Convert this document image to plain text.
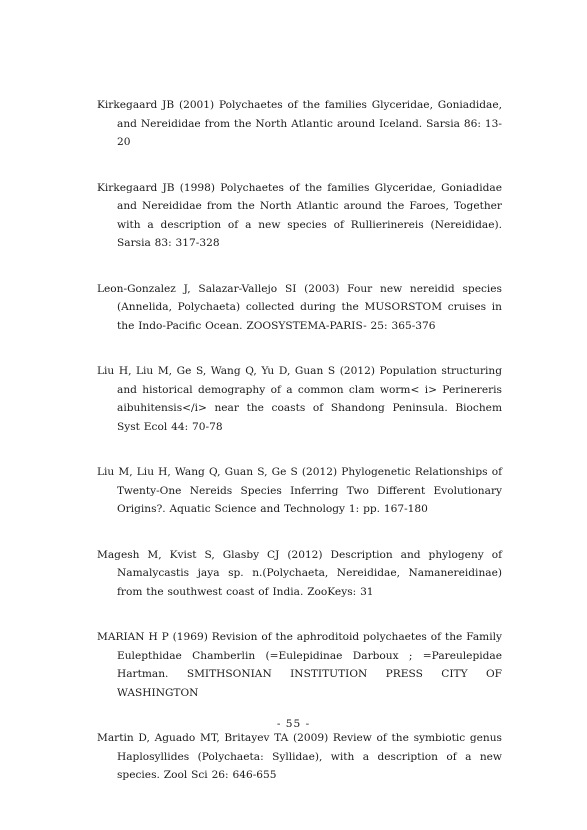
Kirkegaard JB (2001) Polychaetes of the families Glyceridae, Goniadidae, and Nereididae from the North Atlantic around Iceland. Sarsia 86: 13-20

Kirkegaard JB (1998) Polychaetes of the families Glyceridae, Goniadidae and Nereididae from the North Atlantic around the Faroes, Together with a description of a new species of Rullierinereis (Nereididae). Sarsia 83: 317-328

Leon-Gonzalez J, Salazar-Vallejo SI (2003) Four new nereidid species (Annelida, Polychaeta) collected during the MUSORSTOM cruises in the Indo-Pacific Ocean. ZOOSYSTEMA-PARIS- 25: 365-376

Liu H, Liu M, Ge S, Wang Q, Yu D, Guan S (2012) Population structuring and historical demography of a common clam worm< i> Perinereris aibuhitensis</i> near the coasts of Shandong Peninsula. Biochem Syst Ecol 44: 70-78

Liu M, Liu H, Wang Q, Guan S, Ge S (2012) Phylogenetic Relationships of Twenty-One Nereids Species Inferring Two Different Evolutionary Origins?. Aquatic Science and Technology 1: pp. 167-180

Magesh M, Kvist S, Glasby CJ (2012) Description and phylogeny of Namalycastis jaya sp. n.(Polychaeta, Nereididae, Namanereidinae) from the southwest coast of India. ZooKeys: 31

MARIAN H P (1969) Revision of the aphroditoid polychaetes of the Family Eulepthidae Chamberlin (=Eulepidinae Darboux ; =Pareulepidae Hartman. SMITHSONIAN INSTITUTION PRESS CITY OF WASHINGTON

Martin D, Aguado MT, Britayev TA (2009) Review of the symbiotic genus Haplosyllides (Polychaeta: Syllidae), with a description of a new species. Zool Sci 26: 646-655

- 55 -
